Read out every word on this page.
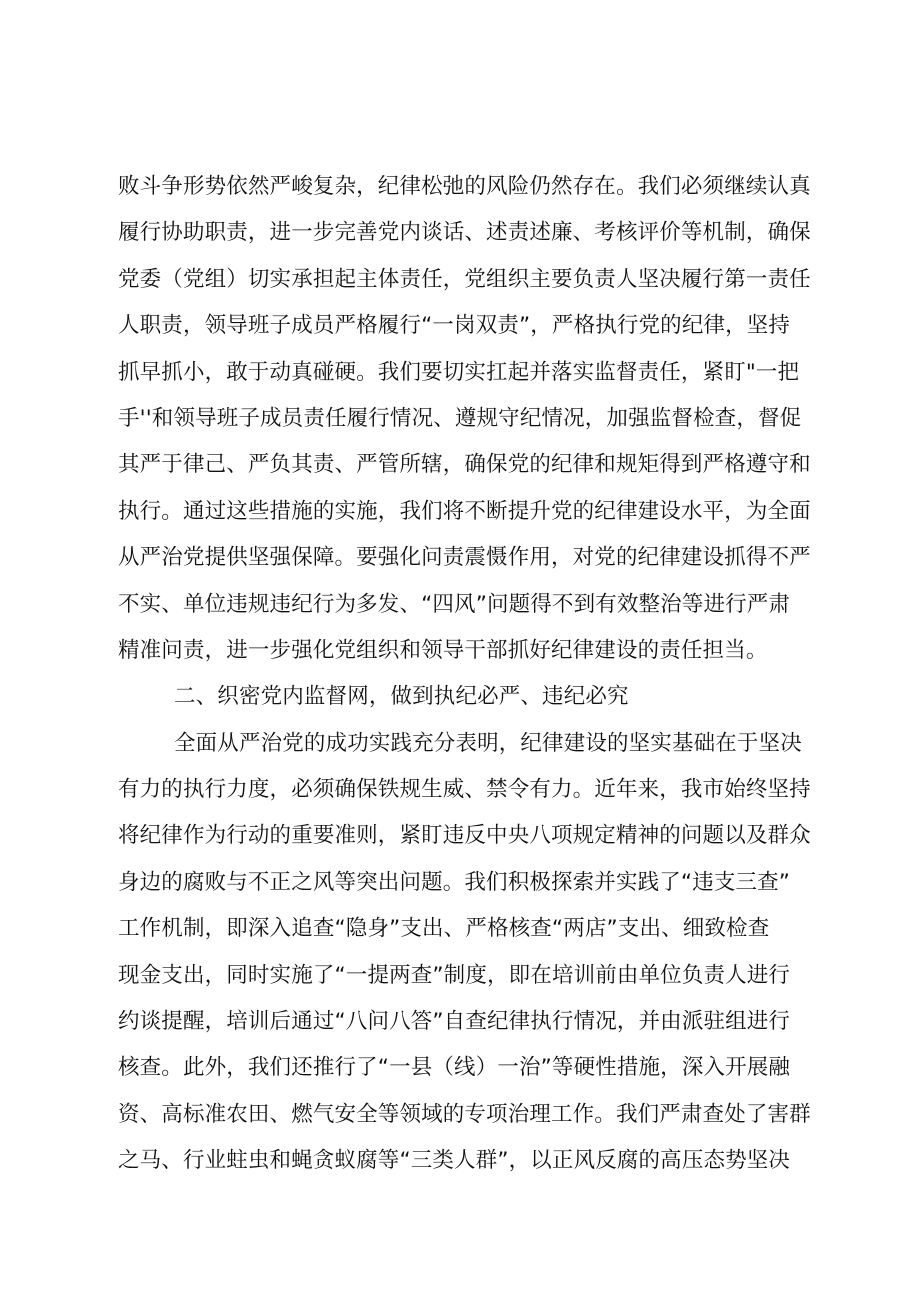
败斗争形势依然严峻复杂，纪律松弛的风险仍然存在。我们必须继续认真
履行协助职责，进一步完善党内谈话、述责述廉、考核评价等机制，确保
党委（党组）切实承担起主体责任，党组织主要负责人坚决履行第一责任
人职责，领导班子成员严格履行“一岗双责”，严格执行党的纪律，坚持
抓早抓小，敢于动真碰硬。我们要切实扛起并落实监督责任，紧盯"一把
手''和领导班子成员责任履行情况、遵规守纪情况，加强监督检查，督促
其严于律己、严负其责、严管所辖，确保党的纪律和规矩得到严格遵守和
执行。通过这些措施的实施，我们将不断提升党的纪律建设水平，为全面
从严治党提供坚强保障。要强化问责震慑作用，对党的纪律建设抓得不严
不实、单位违规违纪行为多发、“四风”问题得不到有效整治等进行严肃
精准问责，进一步强化党组织和领导干部抓好纪律建设的责任担当。
二、织密党内监督网，做到执纪必严、违纪必究
全面从严治党的成功实践充分表明，纪律建设的坚实基础在于坚决
有力的执行力度，必须确保铁规生威、禁令有力。近年来，我市始终坚持
将纪律作为行动的重要准则，紧盯违反中央八项规定精神的问题以及群众
身边的腐败与不正之风等突出问题。我们积极探索并实践了“违支三查”
工作机制，即深入追查“隐身”支出、严格核查“两店”支出、细致检查
现金支出，同时实施了“一提两查”制度，即在培训前由单位负责人进行
约谈提醒，培训后通过“八问八答”自查纪律执行情况，并由派驻组进行
核查。此外，我们还推行了“一县（线）一治”等硬性措施，深入开展融
资、高标准农田、燃气安全等领域的专项治理工作。我们严肃查处了害群
之马、行业蛀虫和蝇贪蚁腐等“三类人群”，以正风反腐的高压态势坚决
